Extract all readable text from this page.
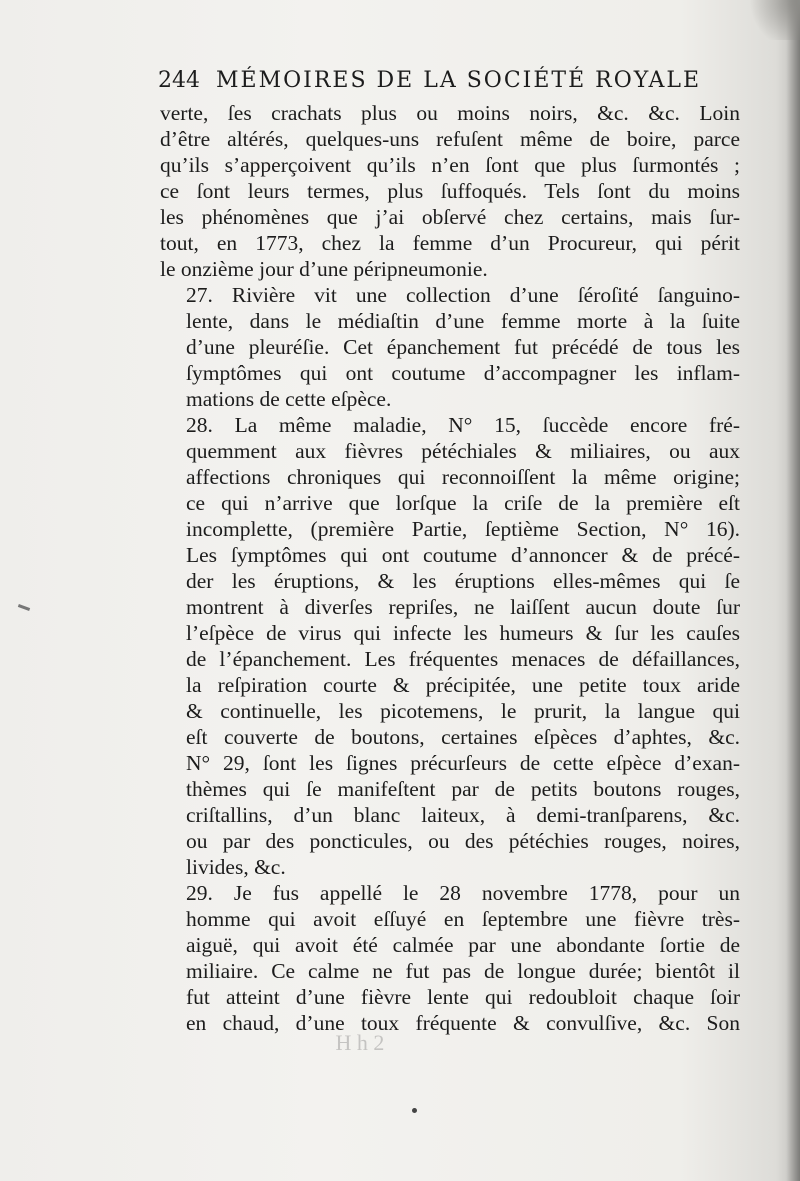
244 MÉMOIRES DE LA SOCIÉTÉ ROYALE

verte, ſes crachats plus ou moins noirs, &c. &c. Loin
d’être altérés, quelques-uns refuſent même de boire, parce
qu’ils s’apperçoivent qu’ils n’en ſont que plus ſurmontés ;
ce ſont leurs termes, plus ſuffoqués. Tels ſont du moins
les phénomènes que j’ai obſervé chez certains, mais ſur-
tout, en 1773, chez la femme d’un Procureur, qui périt
le onzième jour d’une péripneumonie.

27. Rivière vit une collection d’une ſéroſité ſanguino-
lente, dans le médiaſtin d’une femme morte à la ſuite
d’une pleuréſie. Cet épanchement fut précédé de tous les
ſymptômes qui ont coutume d’accompagner les inflam-
mations de cette eſpèce.

28. La même maladie, N° 15, ſuccède encore fré-
quemment aux fièvres pétéchiales & miliaires, ou aux
affections chroniques qui reconnoiſſent la même origine;
ce qui n’arrive que lorſque la criſe de la première eſt
incomplette, (première Partie, ſeptième Section, N° 16).
Les ſymptômes qui ont coutume d’annoncer & de précé-
der les éruptions, & les éruptions elles-mêmes qui ſe
montrent à diverſes repriſes, ne laiſſent aucun doute ſur
l’eſpèce de virus qui infecte les humeurs & ſur les cauſes
de l’épanchement. Les fréquentes menaces de défaillances,
la reſpiration courte & précipitée, une petite toux aride
& continuelle, les picotemens, le prurit, la langue qui
eſt couverte de boutons, certaines eſpèces d’aphtes, &c.
N° 29, ſont les ſignes précurſeurs de cette eſpèce d’exan-
thèmes qui ſe manifeſtent par de petits boutons rouges,
criſtallins, d’un blanc laiteux, à demi-tranſparens, &c.
ou par des poncticules, ou des pétéchies rouges, noires,
livides, &c.

29. Je fus appellé le 28 novembre 1778, pour un
homme qui avoit eſſuyé en ſeptembre une fièvre très-
aiguë, qui avoit été calmée par une abondante ſortie de
miliaire. Ce calme ne fut pas de longue durée; bientôt il
fut atteint d’une fièvre lente qui redoubloit chaque ſoir
en chaud, d’une toux fréquente & convulſive, &c. Son

H h 2
